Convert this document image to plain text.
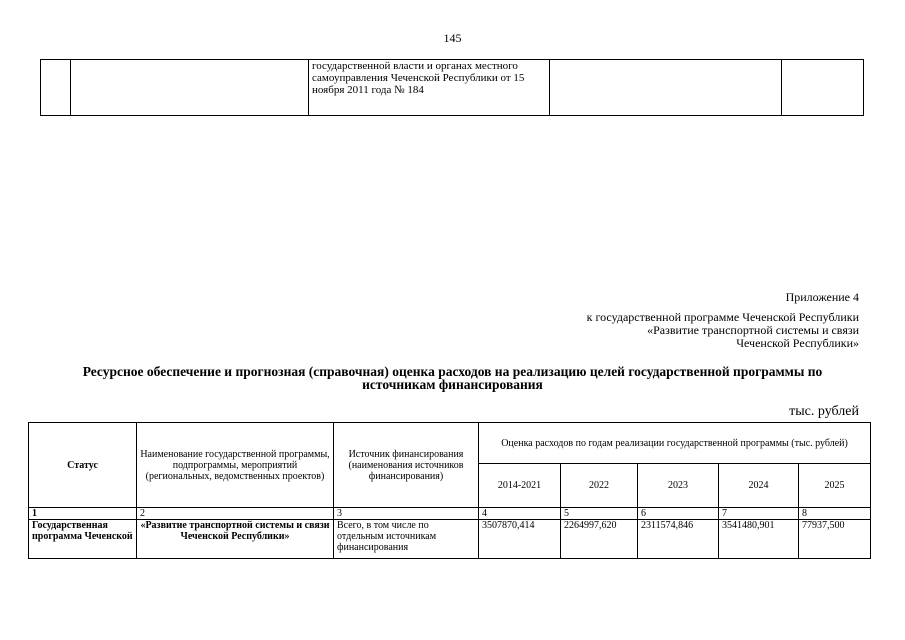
145
		государственной власти и органах местного самоуправления Чеченской Республики от 15 ноября 2011 года № 184		
Приложение 4
к государственной программе Чеченской Республики
«Развитие транспортной системы и связи
Чеченской Республики»
Ресурсное обеспечение и прогнозная (справочная) оценка расходов на реализацию целей государственной программы по источникам финансирования
тыс. рублей
Статус	Наименование государственной программы, подпрограммы, мероприятий (региональных, ведомственных проектов)	Источник финансирования (наименования источников финансирования)	Оценка расходов по годам реализации государственной программы (тыс. рублей)				
			2014-2021	2022	2023	2024	2025
1	2	3	4	5	6	7	8
Государственная программа Чеченской	«Развитие транспортной системы и связи Чеченской Республики»	Всего, в том числе по отдельным источникам финансирования	3507870,414	2264997,620	2311574,846	3541480,901	77937,500
